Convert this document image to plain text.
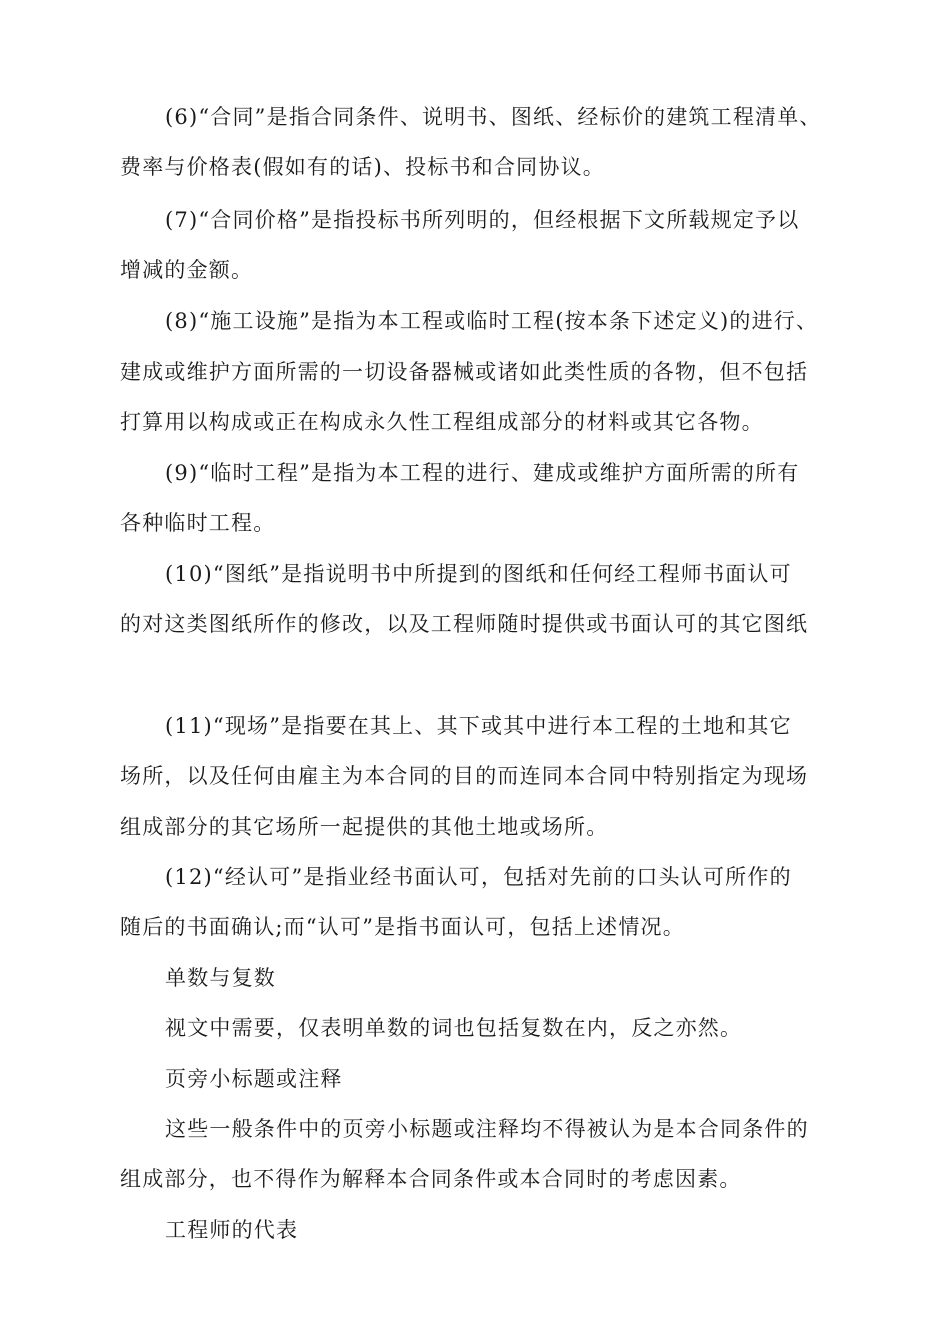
(6)“合同”是指合同条件、说明书、图纸、经标价的建筑工程清单、
费率与价格表(假如有的话)、投标书和合同协议。
(7)“合同价格”是指投标书所列明的，但经根据下文所载规定予以
增减的金额。
(8)“施工设施”是指为本工程或临时工程(按本条下述定义)的进行、
建成或维护方面所需的一切设备器械或诸如此类性质的各物，但不包括
打算用以构成或正在构成永久性工程组成部分的材料或其它各物。
(9)“临时工程”是指为本工程的进行、建成或维护方面所需的所有
各种临时工程。
(10)“图纸”是指说明书中所提到的图纸和任何经工程师书面认可
的对这类图纸所作的修改，以及工程师随时提供或书面认可的其它图纸
(11)“现场”是指要在其上、其下或其中进行本工程的土地和其它
场所，以及任何由雇主为本合同的目的而连同本合同中特别指定为现场
组成部分的其它场所一起提供的其他土地或场所。
(12)“经认可”是指业经书面认可，包括对先前的口头认可所作的
随后的书面确认;而“认可”是指书面认可，包括上述情况。
单数与复数
视文中需要，仅表明单数的词也包括复数在内，反之亦然。
页旁小标题或注释
这些一般条件中的页旁小标题或注释均不得被认为是本合同条件的
组成部分，也不得作为解释本合同条件或本合同时的考虑因素。
工程师的代表
